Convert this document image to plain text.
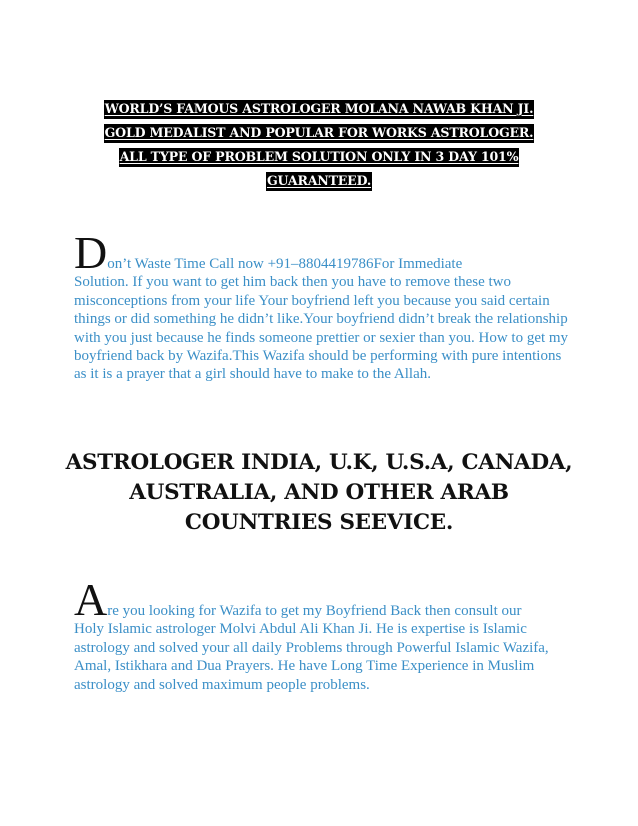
WORLD’S FAMOUS ASTROLOGER MOLANA NAWAB KHAN JI.
GOLD MEDALIST AND POPULAR FOR WORKS ASTROLOGER.
ALL TYPE OF PROBLEM SOLUTION ONLY IN 3 DAY 101%
GUARANTEED.
Don’t Waste Time Call now +91–8804419786For Immediate
Solution. If you want to get him back then you have to remove these two misconceptions from your life Your boyfriend left you because you said certain things or did something he didn’t like.Your boyfriend didn’t break the relationship with you just because he finds someone prettier or sexier than you. How to get my boyfriend back by Wazifa.This Wazifa should be performing with pure intentions as it is a prayer that a girl should have to make to the Allah.
ASTROLOGER INDIA, U.K, U.S.A, CANADA, AUSTRALIA, AND OTHER ARAB COUNTRIES SEEVICE.
Are you looking for Wazifa to get my Boyfriend Back then consult our
Holy Islamic astrologer Molvi Abdul Ali Khan Ji. He is expertise is Islamic astrology and solved your all daily Problems through Powerful Islamic Wazifa, Amal, Istikhara and Dua Prayers. He have Long Time Experience in Muslim astrology and solved maximum people problems.
